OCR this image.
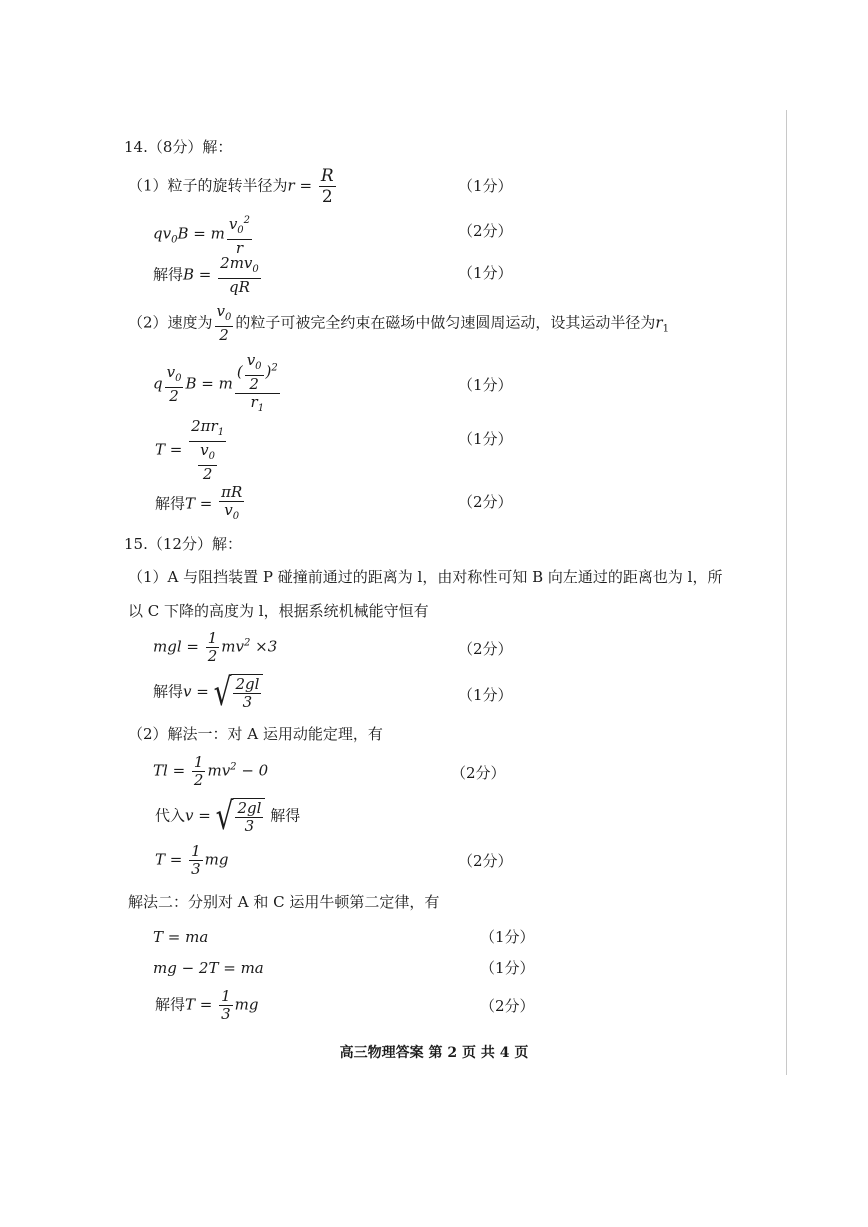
14.（8分）解：
（1）粒子的旋转半径为$r = \frac{R}{2}$	（1分）
$qv_0B = m \frac{v_0^2}{r}$	（2分）
解得$B = \frac{2mv_0}{qR}$	（1分）
（2）速度为 $\frac{v_0}{2}$ 的粒子可被完全约束在磁场中做匀速圆周运动，设其运动半径为$r_1$
q $\frac{v_0}{2}$ B = m $\frac{( \frac{v_0}{2} )^2}{r_1}$	（1分）
$T = \frac{2\pi r_1}{\frac{v_0}{2}}$	（1分）
解得$T = \frac{\pi R}{v_0}$	（2分）
15.（12分）解：
（1）A 与阻挡装置 P 碰撞前通过的距离为 l，由对称性可知 B 向左通过的距离也为 l，所
以 C 下降的高度为 l，根据系统机械能守恒有
mgl = $\frac{1}{2} mv^2 \times 3$	（2分）
解得v = √ $\frac{2gl}{3}$	（1分）
（2）解法一：对 A 运用动能定理，有
$Tl = \frac{1}{2} mv^2 - 0$	（2分）
代入v = √ $\frac{2gl}{3}$ 解得
$T = \frac{1}{3}$ mg	（2分）
解法二：分别对 A 和 C 运用牛顿第二定律，有
T = ma	（1分）
mg − 2T = ma	（1分）
解得$T = \frac{1}{3}$ mg	（2分）
高三物理答案 第 2 页 共 4 页
